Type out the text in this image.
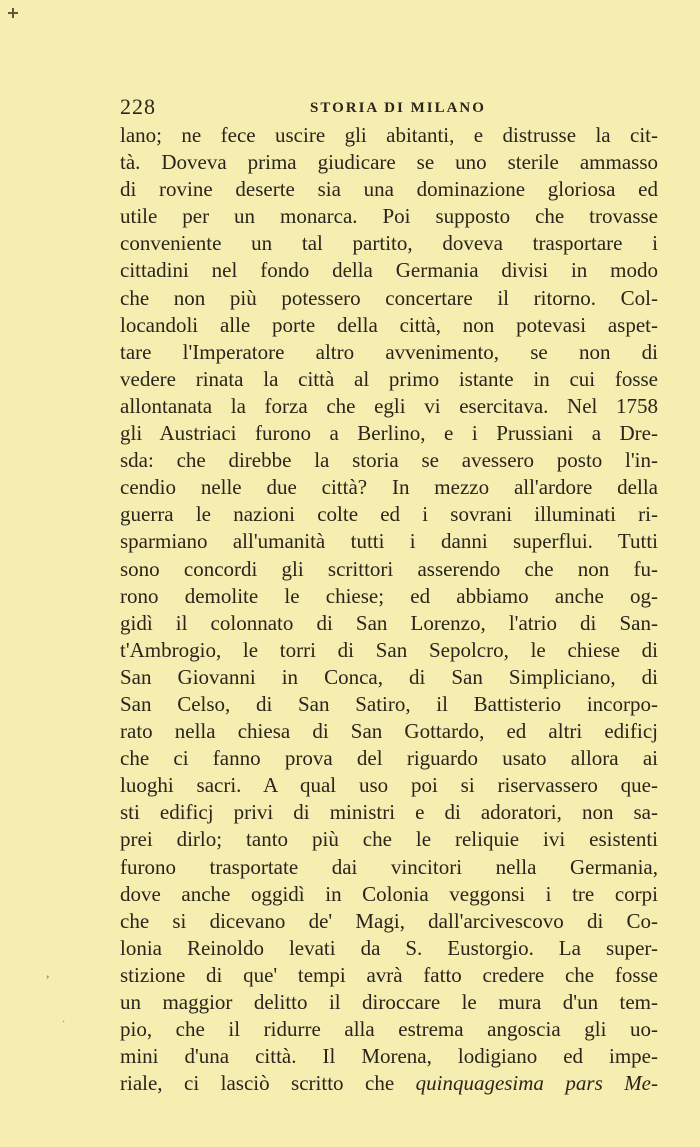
228	STORIA DI MILANO
lano; ne fece uscire gli abitanti, e distrusse la cit-
tà. Doveva prima giudicare se uno sterile ammasso
di rovine deserte sia una dominazione gloriosa ed
utile per un monarca. Poi supposto che trovasse
conveniente un tal partito, doveva trasportare i
cittadini nel fondo della Germania divisi in modo
che non più potessero concertare il ritorno. Col-
locandoli alle porte della città, non potevasi aspet-
tare l'Imperatore altro avvenimento, se non di
vedere rinata la città al primo istante in cui fosse
allontanata la forza che egli vi esercitava. Nel 1758
gli Austriaci furono a Berlino, e i Prussiani a Dre-
sda: che direbbe la storia se avessero posto l'in-
cendio nelle due città? In mezzo all'ardore della
guerra le nazioni colte ed i sovrani illuminati ri-
sparmiano all'umanità tutti i danni superflui. Tutti
sono concordi gli scrittori asserendo che non fu-
rono demolite le chiese; ed abbiamo anche og-
gidì il colonnato di San Lorenzo, l'atrio di San-
t'Ambrogio, le torri di San Sepolcro, le chiese di
San Giovanni in Conca, di San Simpliciano, di
San Celso, di San Satiro, il Battisterio incorpo-
rato nella chiesa di San Gottardo, ed altri edificj
che ci fanno prova del riguardo usato allora ai
luoghi sacri. A qual uso poi si riservassero que-
sti edificj privi di ministri e di adoratori, non sa-
prei dirlo; tanto più che le reliquie ivi esistenti
furono trasportate dai vincitori nella Germania,
dove anche oggidì in Colonia veggonsi i tre corpi
che si dicevano de' Magi, dall'arcivescovo di Co-
lonia Reinoldo levati da S. Eustorgio. La super-
stizione di que' tempi avrà fatto credere che fosse
un maggior delitto il diroccare le mura d'un tem-
pio, che il ridurre alla estrema angoscia gli uo-
mini d'una città. Il Morena, lodigiano ed impe-
riale, ci lasciò scritto che quinquagesima pars Me-
,
·
